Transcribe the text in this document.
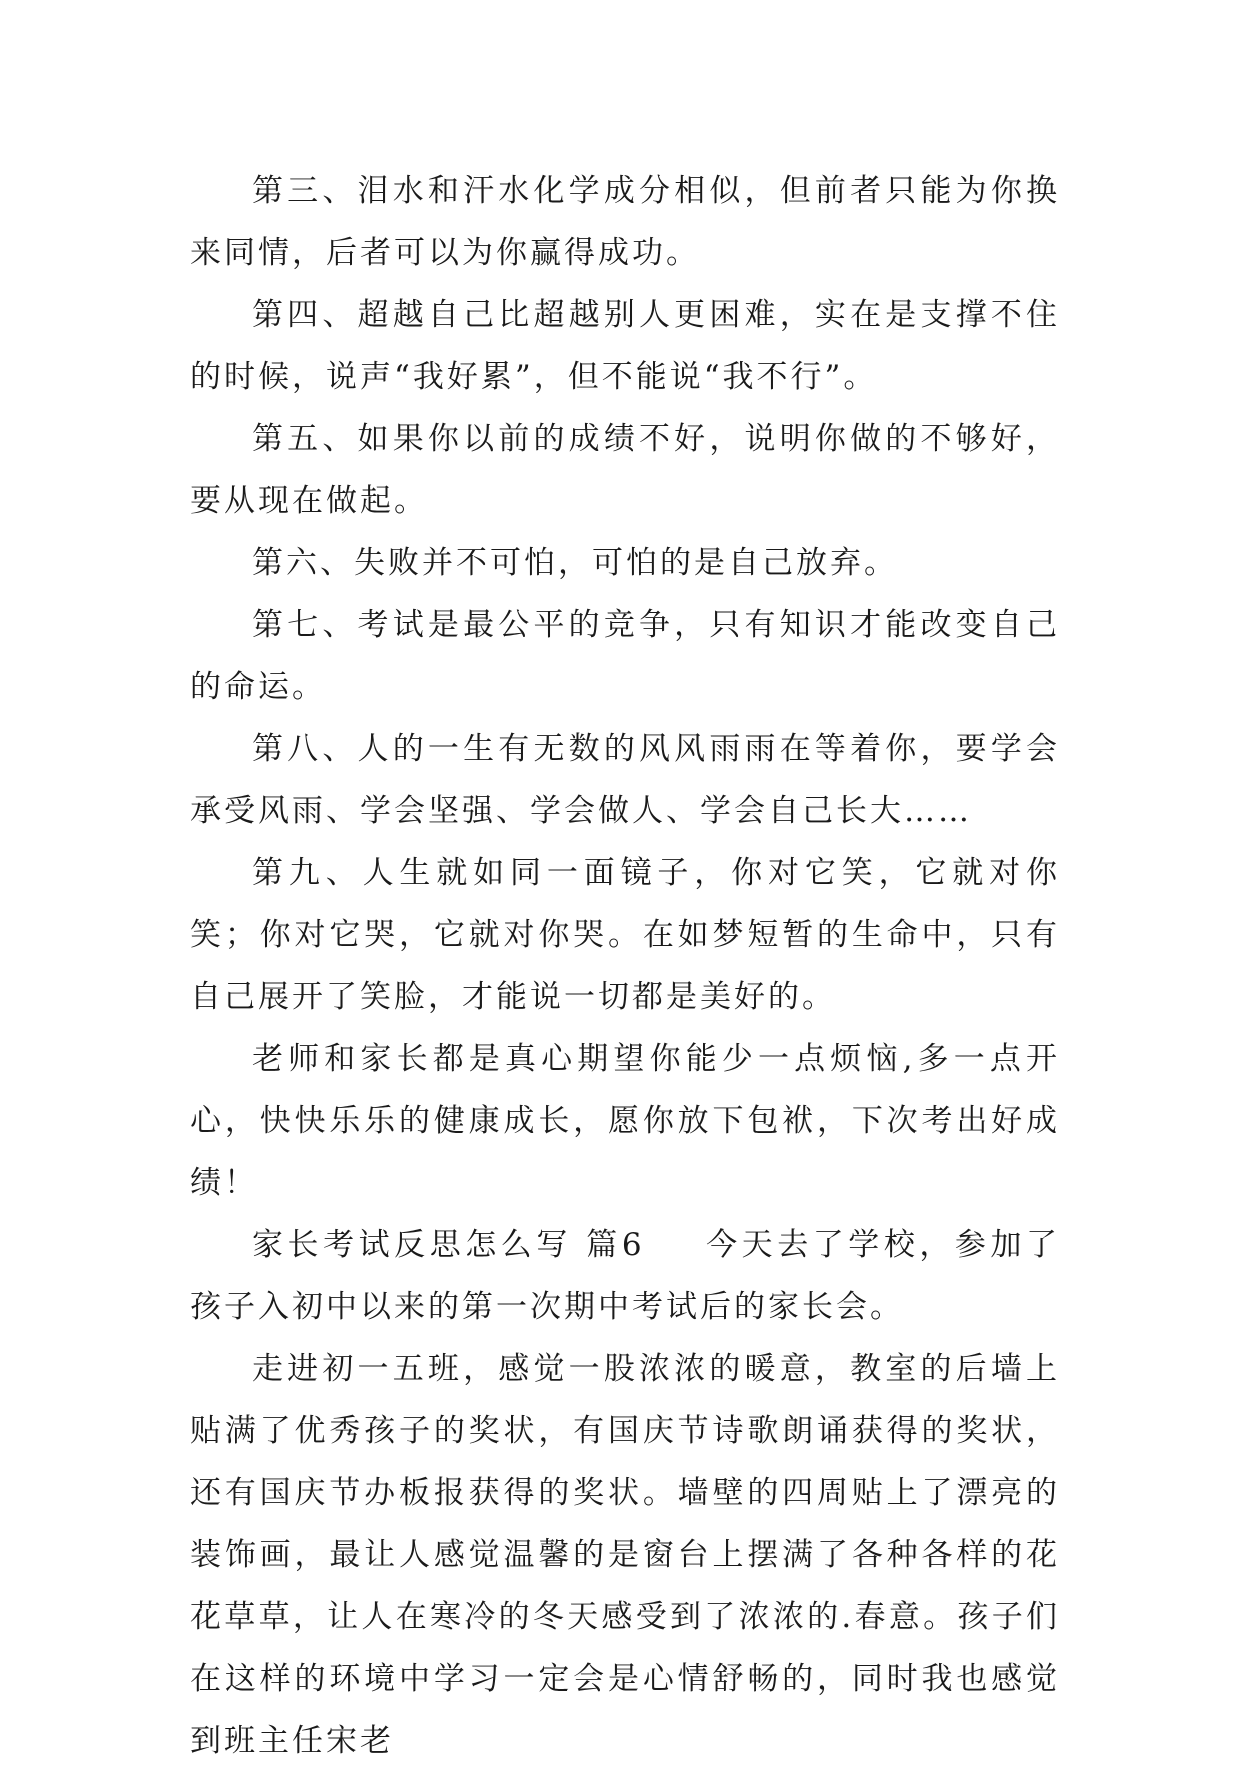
第三、泪水和汗水化学成分相似，但前者只能为你换来同情，后者可以为你赢得成功。

第四、超越自己比超越别人更困难，实在是支撑不住的时候，说声“我好累”，但不能说“我不行”。

第五、如果你以前的成绩不好，说明你做的不够好，要从现在做起。

第六、失败并不可怕，可怕的是自己放弃。

第七、考试是最公平的竞争，只有知识才能改变自己的命运。

第八、人的一生有无数的风风雨雨在等着你，要学会承受风雨、学会坚强、学会做人、学会自己长大……

第九、人生就如同一面镜子，你对它笑，它就对你笑；你对它哭，它就对你哭。在如梦短暂的生命中，只有自己展开了笑脸，才能说一切都是美好的。

老师和家长都是真心期望你能少一点烦恼,多一点开心，快快乐乐的健康成长，愿你放下包袱，下次考出好成绩！

家长考试反思怎么写 篇6 今天去了学校，参加了孩子入初中以来的第一次期中考试后的家长会。

走进初一五班，感觉一股浓浓的暖意，教室的后墙上贴满了优秀孩子的奖状，有国庆节诗歌朗诵获得的奖状，还有国庆节办板报获得的奖状。墙壁的四周贴上了漂亮的装饰画，最让人感觉温馨的是窗台上摆满了各种各样的花花草草，让人在寒冷的冬天感受到了浓浓的.春意。孩子们在这样的环境中学习一定会是心情舒畅的，同时我也感觉到班主任宋老
